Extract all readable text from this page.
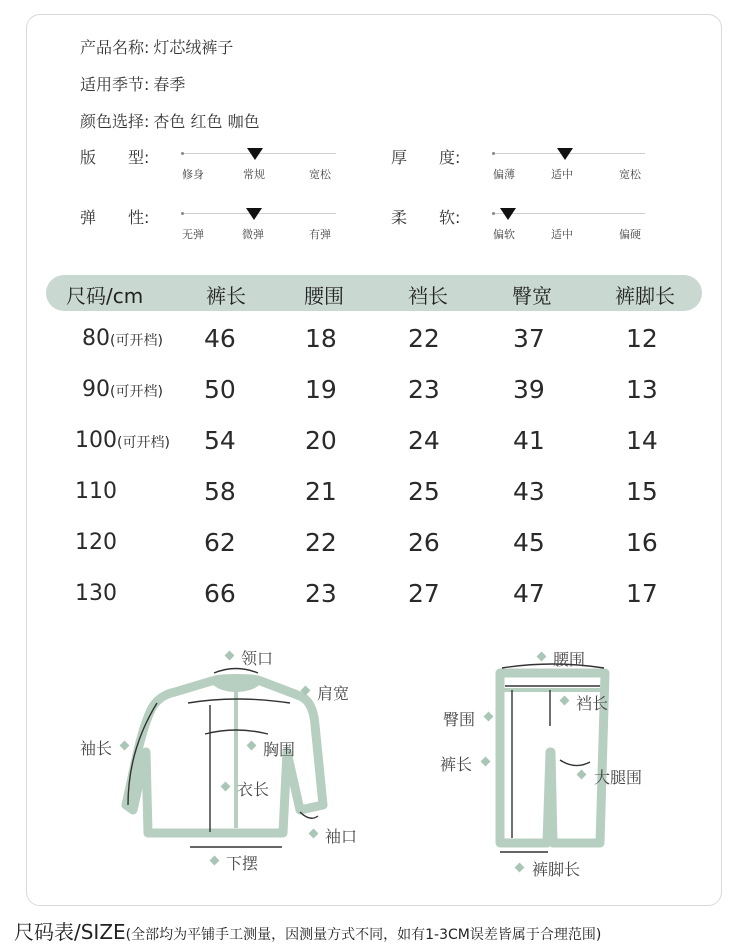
产品名称: 灯芯绒裤子
适用季节: 春季
颜色选择: 杏色 红色 咖色
版　　型:
修身	常规	宽松
厚　　度:
偏薄	适中	宽松
弹　　性:
无弹	微弹	有弹
柔　　软:
偏软	适中	偏硬
尺码/cm	裤长	腰围	裆长	臀宽	裤脚长
80(可开档) 46	18	22	37	12
90(可开档) 50	19	23	39	13
100(可开档) 54	20	24	41	14
110	58	21	25	43	15
120	62	22	26	45	16
130	66	23	27	47	17
领口
肩宽
袖长	胸围
衣长
袖口
下摆
腰围
裆长
臀围
裤长
大腿围
裤脚长
尺码表/SIZE(全部均为平铺手工测量，因测量方式不同，如有1-3CM误差皆属于合理范围)
